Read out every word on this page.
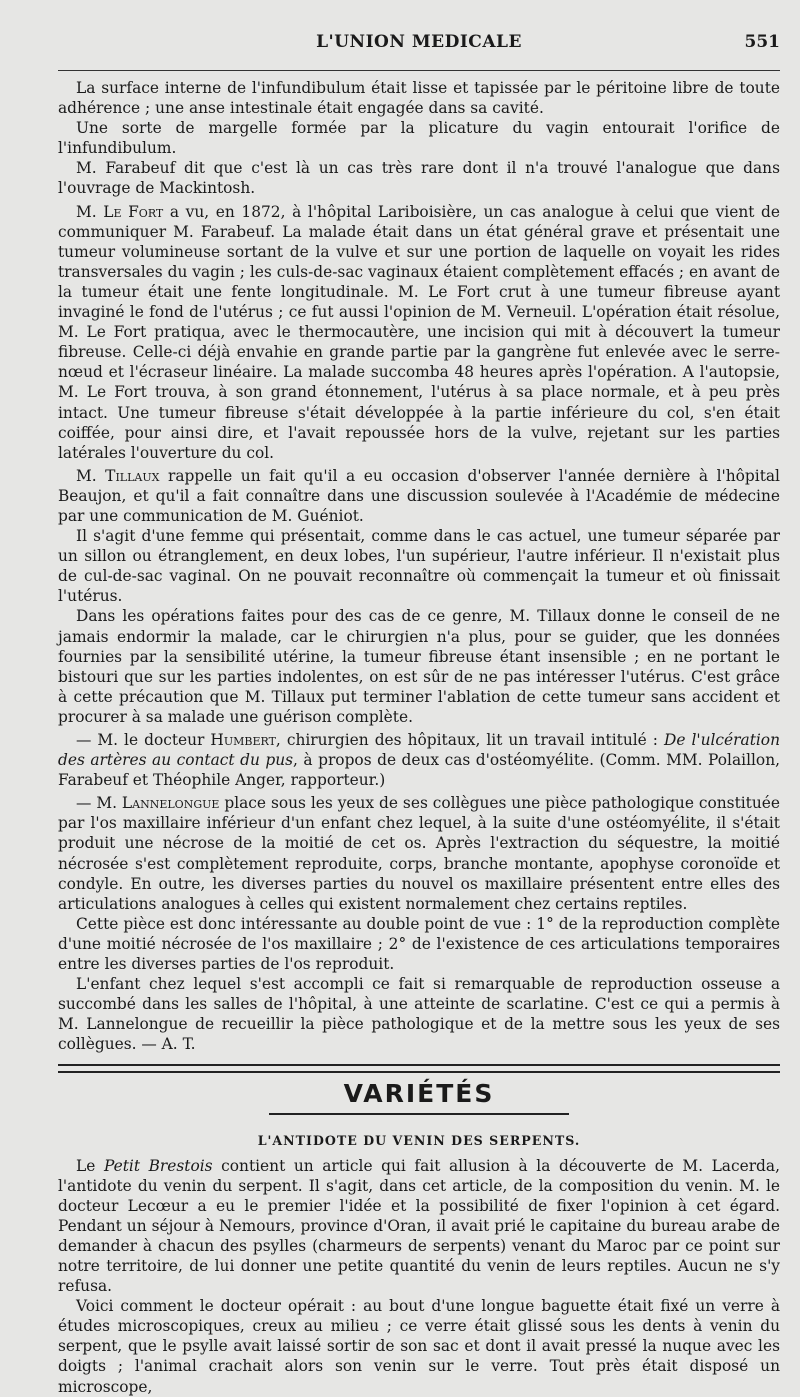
L'UNION MEDICALE	551

La surface interne de l'infundibulum était lisse et tapissée par le péritoine libre de toute adhérence ; une anse intestinale était engagée dans sa cavité.

Une sorte de margelle formée par la plicature du vagin entourait l'orifice de l'infundibulum.

M. Farabeuf dit que c'est là un cas très rare dont il n'a trouvé l'analogue que dans l'ouvrage de Mackintosh.

M. Le Fort a vu, en 1872, à l'hôpital Lariboisière, un cas analogue à celui que vient de communiquer M. Farabeuf. La malade était dans un état général grave et présentait une tumeur volumineuse sortant de la vulve et sur une portion de laquelle on voyait les rides transversales du vagin ; les culs-de-sac vaginaux étaient complètement effacés ; en avant de la tumeur était une fente longitudinale. M. Le Fort crut à une tumeur fibreuse ayant invaginé le fond de l'utérus ; ce fut aussi l'opinion de M. Verneuil. L'opération était résolue, M. Le Fort pratiqua, avec le thermocautère, une incision qui mit à découvert la tumeur fibreuse. Celle-ci déjà envahie en grande partie par la gangrène fut enlevée avec le serre-nœud et l'écraseur linéaire. La malade succomba 48 heures après l'opération. A l'autopsie, M. Le Fort trouva, à son grand étonnement, l'utérus à sa place normale, et à peu près intact. Une tumeur fibreuse s'était développée à la partie inférieure du col, s'en était coiffée, pour ainsi dire, et l'avait repoussée hors de la vulve, rejetant sur les parties latérales l'ouverture du col.

M. Tillaux rappelle un fait qu'il a eu occasion d'observer l'année dernière à l'hôpital Beaujon, et qu'il a fait connaître dans une discussion soulevée à l'Académie de médecine par une communication de M. Guéniot.

Il s'agit d'une femme qui présentait, comme dans le cas actuel, une tumeur séparée par un sillon ou étranglement, en deux lobes, l'un supérieur, l'autre inférieur. Il n'existait plus de cul-de-sac vaginal. On ne pouvait reconnaître où commençait la tumeur et où finissait l'utérus.

Dans les opérations faites pour des cas de ce genre, M. Tillaux donne le conseil de ne jamais endormir la malade, car le chirurgien n'a plus, pour se guider, que les données fournies par la sensibilité utérine, la tumeur fibreuse étant insensible ; en ne portant le bistouri que sur les parties indolentes, on est sûr de ne pas intéresser l'utérus. C'est grâce à cette précaution que M. Tillaux put terminer l'ablation de cette tumeur sans accident et procurer à sa malade une guérison complète.

— M. le docteur Humbert, chirurgien des hôpitaux, lit un travail intitulé : De l'ulcération des artères au contact du pus, à propos de deux cas d'ostéomyélite. (Comm. MM. Polaillon, Farabeuf et Théophile Anger, rapporteur.)

— M. Lannelongue place sous les yeux de ses collègues une pièce pathologique constituée par l'os maxillaire inférieur d'un enfant chez lequel, à la suite d'une ostéomyélite, il s'était produit une nécrose de la moitié de cet os. Après l'extraction du séquestre, la moitié nécrosée s'est complètement reproduite, corps, branche montante, apophyse coronoïde et condyle. En outre, les diverses parties du nouvel os maxillaire présentent entre elles des articulations analogues à celles qui existent normalement chez certains reptiles.

Cette pièce est donc intéressante au double point de vue : 1° de la reproduction complète d'une moitié nécrosée de l'os maxillaire ; 2° de l'existence de ces articulations temporaires entre les diverses parties de l'os reproduit.

L'enfant chez lequel s'est accompli ce fait si remarquable de reproduction osseuse a succombé dans les salles de l'hôpital, à une atteinte de scarlatine. C'est ce qui a permis à M. Lannelongue de recueillir la pièce pathologique et de la mettre sous les yeux de ses collègues. — A. T.

VARIÉTÉS
L'ANTIDOTE DU VENIN DES SERPENTS.

Le Petit Brestois contient un article qui fait allusion à la découverte de M. Lacerda, l'antidote du venin du serpent. Il s'agit, dans cet article, de la composition du venin. M. le docteur Lecœur a eu le premier l'idée et la possibilité de fixer l'opinion à cet égard. Pendant un séjour à Nemours, province d'Oran, il avait prié le capitaine du bureau arabe de demander à chacun des psylles (charmeurs de serpents) venant du Maroc par ce point sur notre territoire, de lui donner une petite quantité du venin de leurs reptiles. Aucun ne s'y refusa.

Voici comment le docteur opérait : au bout d'une longue baguette était fixé un verre à études microscopiques, creux au milieu ; ce verre était glissé sous les dents à venin du serpent, que le psylle avait laissé sortir de son sac et dont il avait pressé la nuque avec les doigts ; l'animal crachait alors son venin sur le verre. Tout près était disposé un microscope,
